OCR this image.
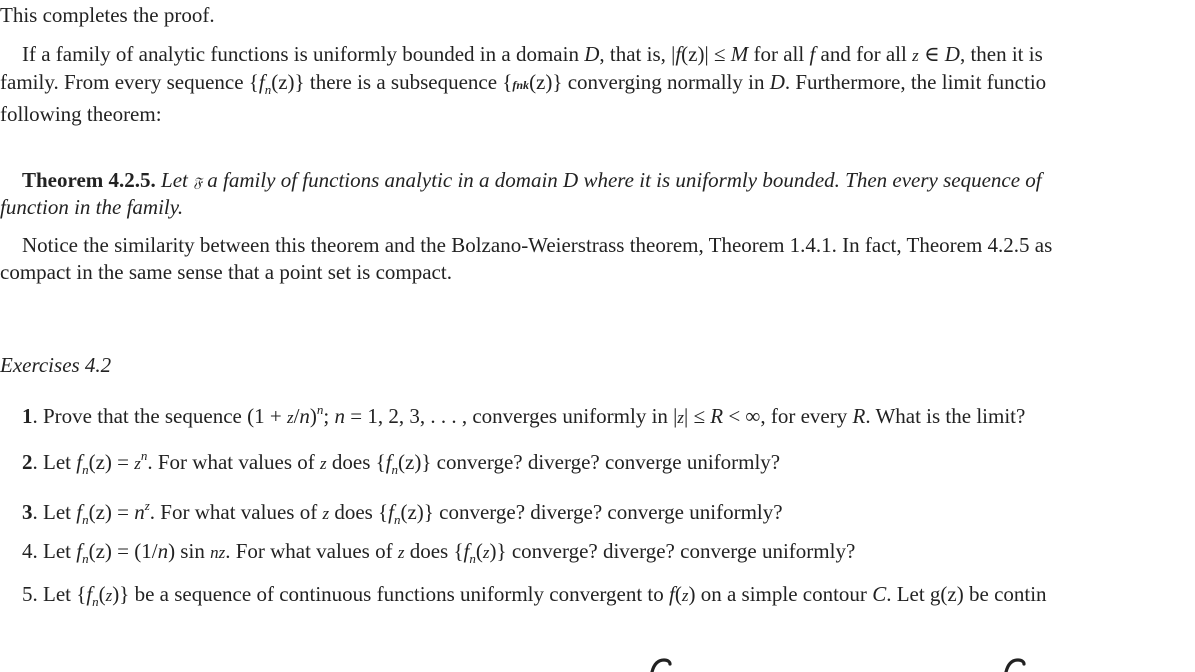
This completes the proof.
If a family of analytic functions is uniformly bounded in a domain D, that is, |f(z)| ≤ M for all f and for all z ∈ D, then it is
family. From every sequence $\{f_n(z)\}$ there is a subsequence {fnk(z)} converging normally in D. Furthermore, the limit functio
following theorem:
Theorem 4.2.5. Let 𝔉 a family of functions analytic in a domain D where it is uniformly bounded. Then every sequence of
function in the family.
Notice the similarity between this theorem and the Bolzano-Weierstrass theorem, Theorem 1.4.1. In fact, Theorem 4.2.5 as
compact in the same sense that a point set is compact.
Exercises 4.2
1. Prove that the sequence $(1 + z/n)^n$; n = 1, 2, 3, . . . , converges uniformly in |z| ≤ R < ∞, for every R. What is the limit?
2. Let $f_n(z) = z^n$. For what values of z does $\{f_n(z)\}$ converge? diverge? converge uniformly?
3. Let $f_n(z) = n^z$. For what values of z does $\{f_n(z)\}$ converge? diverge? converge uniformly?
4. Let $f_n(z) = (1/n)$ sin nz. For what values of z does $\{f_n(z)\}$ converge? diverge? converge uniformly?
5. Let $\{f_n(z)\}$ be a sequence of continuous functions uniformly convergent to f(z) on a simple contour C. Let g(z) be contin
